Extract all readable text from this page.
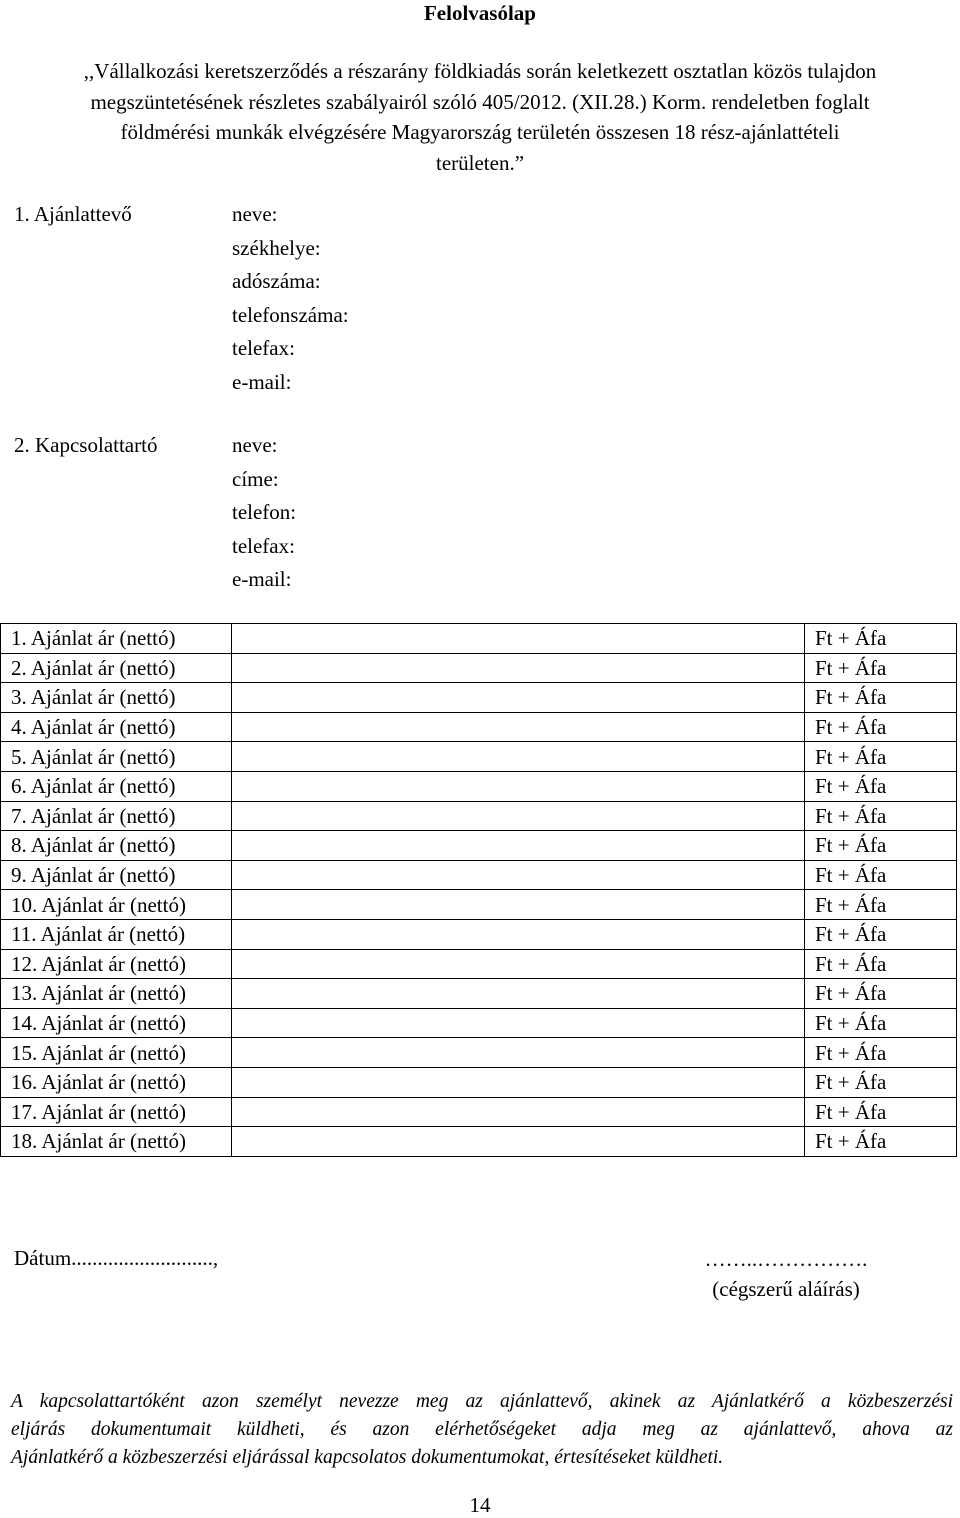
Felolvasólap
,,Vállalkozási keretszerződés a részarány földkiadás során keletkezett osztatlan közös tulajdon
megszüntetésének részletes szabályairól szóló 405/2012. (XII.28.) Korm. rendeletben foglalt
földmérési munkák elvégzésére Magyarország területén összesen 18 rész-ajánlattételi
területen.”
1. Ajánlattevő	neve:
székhelye:
adószáma:
telefonszáma:
telefax:
e-mail:
2. Kapcsolattartó	neve:
címe:
telefon:
telefax:
e-mail:
1. Ajánlat ár (nettó)		Ft + Áfa
2. Ajánlat ár (nettó)		Ft + Áfa
3. Ajánlat ár (nettó)		Ft + Áfa
4. Ajánlat ár (nettó)		Ft + Áfa
5. Ajánlat ár (nettó)		Ft + Áfa
6. Ajánlat ár (nettó)		Ft + Áfa
7. Ajánlat ár (nettó)		Ft + Áfa
8. Ajánlat ár (nettó)		Ft + Áfa
9. Ajánlat ár (nettó)		Ft + Áfa
10. Ajánlat ár (nettó)		Ft + Áfa
11. Ajánlat ár (nettó)		Ft + Áfa
12. Ajánlat ár (nettó)		Ft + Áfa
13. Ajánlat ár (nettó)		Ft + Áfa
14. Ajánlat ár (nettó)		Ft + Áfa
15. Ajánlat ár (nettó)		Ft + Áfa
16. Ajánlat ár (nettó)		Ft + Áfa
17. Ajánlat ár (nettó)		Ft + Áfa
18. Ajánlat ár (nettó)		Ft + Áfa
Dátum...........................,	……..…………….
(cégszerű aláírás)
A kapcsolattartóként azon személyt nevezze meg az ajánlattevő, akinek az Ajánlatkérő a közbeszerzési
eljárás dokumentumait küldheti, és azon elérhetőségeket adja meg az ajánlattevő, ahova az
Ajánlatkérő a közbeszerzési eljárással kapcsolatos dokumentumokat, értesítéseket küldheti.
14
